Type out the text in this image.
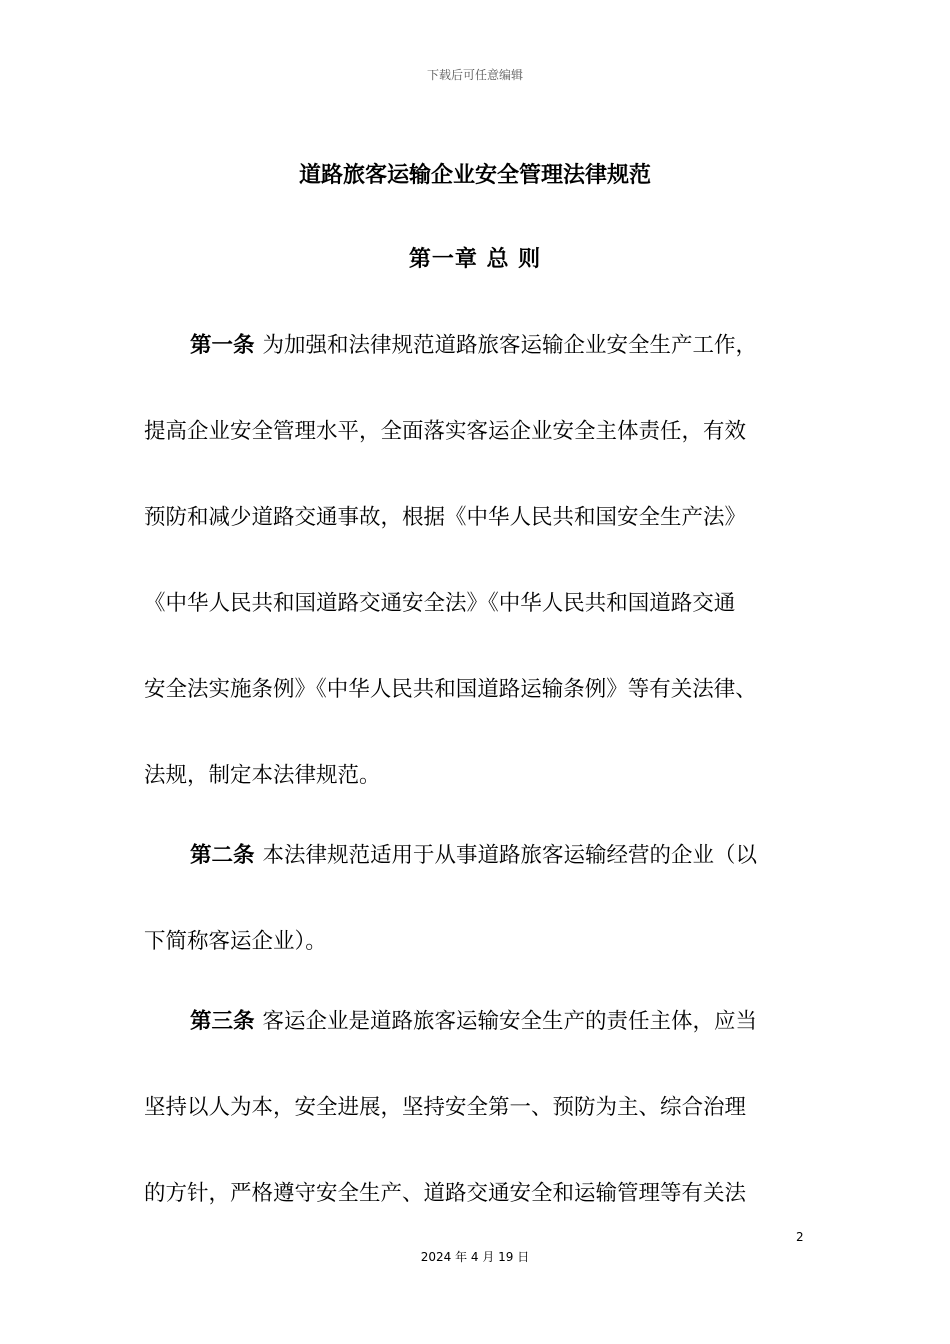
下载后可任意编辑
道路旅客运输企业安全管理法律规范
第一章 总 则
第一条 为加强和法律规范道路旅客运输企业安全生产工作，
提高企业安全管理水平，全面落实客运企业安全主体责任，有效
预防和减少道路交通事故，根据《中华人民共和国安全生产法》
《中华人民共和国道路交通安全法》《中华人民共和国道路交通
安全法实施条例》《中华人民共和国道路运输条例》等有关法律、
法规，制定本法律规范。
第二条 本法律规范适用于从事道路旅客运输经营的企业（以
下简称客运企业）。
第三条 客运企业是道路旅客运输安全生产的责任主体，应当
坚持以人为本，安全进展，坚持安全第一、预防为主、综合治理
的方针，严格遵守安全生产、道路交通安全和运输管理等有关法
2
2024 年 4 月 19 日
